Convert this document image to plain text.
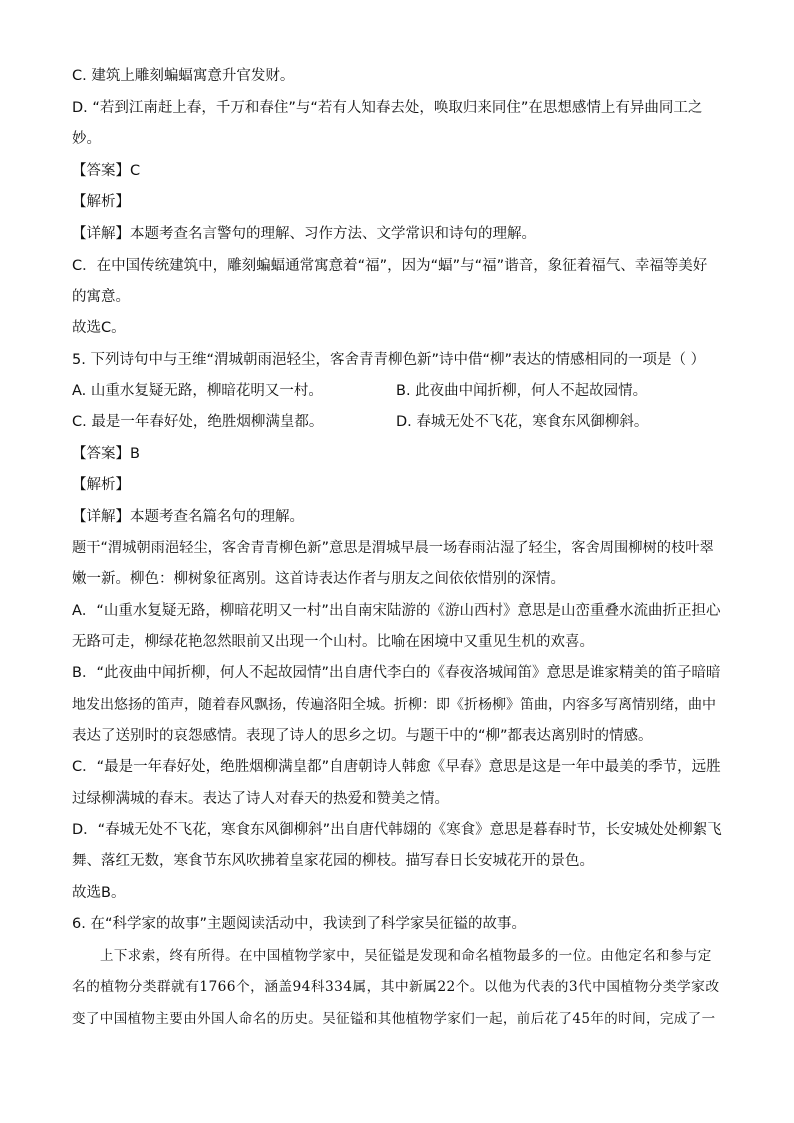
C. 建筑上雕刻蝙蝠寓意升官发财。
D. “若到江南赶上春，千万和春住”与“若有人知春去处，唤取归来同住”在思想感情上有异曲同工之
妙。
【答案】C
【解析】
【详解】本题考查名言警句的理解、习作方法、文学常识和诗句的理解。
C．在中国传统建筑中，雕刻蝙蝠通常寓意着“福”，因为“蝠”与“福”谐音，象征着福气、幸福等美好
的寓意。
故选C。
5. 下列诗句中与王维“渭城朝雨浥轻尘，客舍青青柳色新”诗中借“柳”表达的情感相同的一项是（ ）
A. 山重水复疑无路，柳暗花明又一村。	B. 此夜曲中闻折柳，何人不起故园情。
C. 最是一年春好处，绝胜烟柳满皇都。	D. 春城无处不飞花，寒食东风御柳斜。
【答案】B
【解析】
【详解】本题考查名篇名句的理解。
题干“渭城朝雨浥轻尘，客舍青青柳色新”意思是渭城早晨一场春雨沾湿了轻尘，客舍周围柳树的枝叶翠
嫩一新。柳色：柳树象征离别。这首诗表达作者与朋友之间依依惜别的深情。
A．“山重水复疑无路，柳暗花明又一村”出自南宋陆游的《游山西村》意思是山峦重叠水流曲折正担心
无路可走，柳绿花艳忽然眼前又出现一个山村。比喻在困境中又重见生机的欢喜。
B．“此夜曲中闻折柳，何人不起故园情”出自唐代李白的《春夜洛城闻笛》意思是谁家精美的笛子暗暗
地发出悠扬的笛声，随着春风飘扬，传遍洛阳全城。折柳：即《折杨柳》笛曲，内容多写离情别绪，曲中
表达了送别时的哀怨感情。表现了诗人的思乡之切。与题干中的“柳”都表达离别时的情感。
C．“最是一年春好处，绝胜烟柳满皇都”自唐朝诗人韩愈《早春》意思是这是一年中最美的季节，远胜
过绿柳满城的春末。表达了诗人对春天的热爱和赞美之情。
D．“春城无处不飞花，寒食东风御柳斜”出自唐代韩翃的《寒食》意思是暮春时节，长安城处处柳絮飞
舞、落红无数，寒食节东风吹拂着皇家花园的柳枝。描写春日长安城花开的景色。
故选B。
6. 在“科学家的故事”主题阅读活动中，我读到了科学家吴征镒的故事。
上下求索，终有所得。在中国植物学家中，吴征镒是发现和命名植物最多的一位。由他定名和参与定
名的植物分类群就有1766个，涵盖94科334属，其中新属22个。以他为代表的3代中国植物分类学家改
变了中国植物主要由外国人命名的历史。吴征镒和其他植物学家们一起，前后花了45年的时间，完成了一
